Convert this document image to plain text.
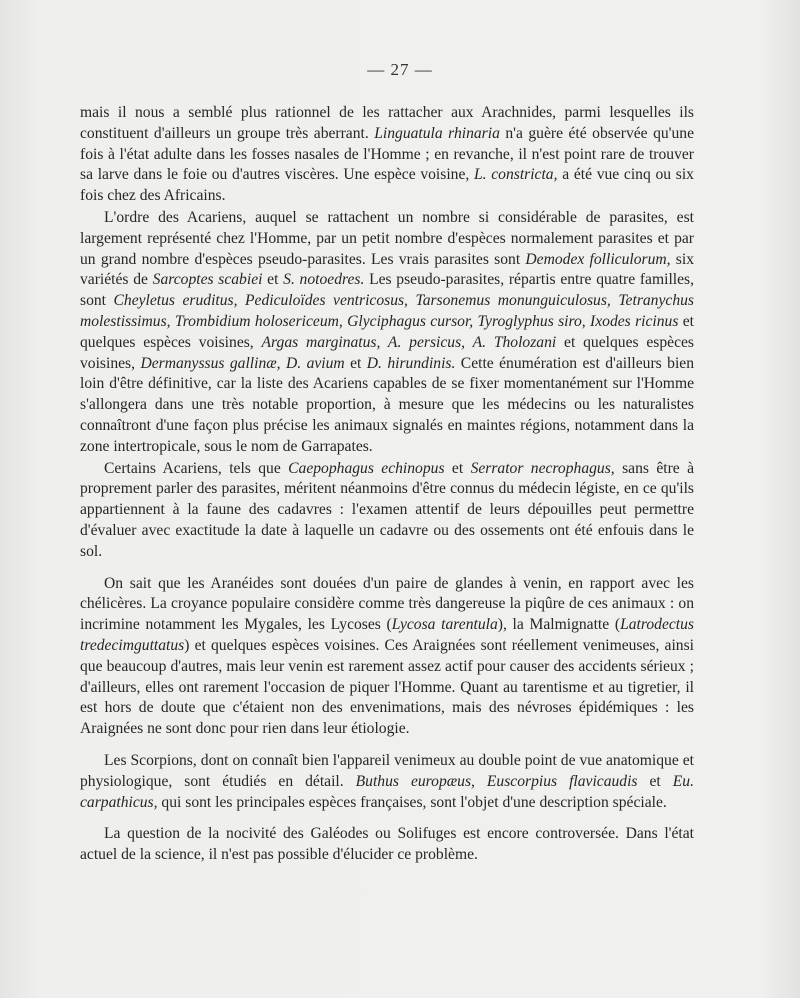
— 27 —

mais il nous a semblé plus rationnel de les rattacher aux Arachnides, parmi lesquelles ils constituent d'ailleurs un groupe très aberrant. Linguatula rhinaria n'a guère été observée qu'une fois à l'état adulte dans les fosses nasales de l'Homme ; en revanche, il n'est point rare de trouver sa larve dans le foie ou d'autres viscères. Une espèce voisine, L. constricta, a été vue cinq ou six fois chez des Africains.

L'ordre des Acariens, auquel se rattachent un nombre si considérable de parasites, est largement représenté chez l'Homme, par un petit nombre d'espèces normalement parasites et par un grand nombre d'espèces pseudo-parasites. Les vrais parasites sont Demodex folliculorum, six variétés de Sarcoptes scabiei et S. notoedres. Les pseudo-parasites, répartis entre quatre familles, sont Cheyletus eruditus, Pediculoïdes ventricosus, Tarsonemus monunguiculosus, Tetranychus molestissimus, Trombidium holosericeum, Glyciphagus cursor, Tyroglyphus siro, Ixodes ricinus et quelques espèces voisines, Argas marginatus, A. persicus, A. Tholozani et quelques espèces voisines, Dermanyssus gallinæ, D. avium et D. hirundinis. Cette énumération est d'ailleurs bien loin d'être définitive, car la liste des Acariens capables de se fixer momentanément sur l'Homme s'allongera dans une très notable proportion, à mesure que les médecins ou les naturalistes connaîtront d'une façon plus précise les animaux signalés en maintes régions, notamment dans la zone intertropicale, sous le nom de Garrapates.

Certains Acariens, tels que Caepophagus echinopus et Serrator necrophagus, sans être à proprement parler des parasites, méritent néanmoins d'être connus du médecin légiste, en ce qu'ils appartiennent à la faune des cadavres : l'examen attentif de leurs dépouilles peut permettre d'évaluer avec exactitude la date à laquelle un cadavre ou des ossements ont été enfouis dans le sol.

On sait que les Aranéides sont douées d'un paire de glandes à venin, en rapport avec les chélicères. La croyance populaire considère comme très dangereuse la piqûre de ces animaux : on incrimine notamment les Mygales, les Lycoses (Lycosa tarentula), la Malmignatte (Latrodectus tredecimguttatus) et quelques espèces voisines. Ces Araignées sont réellement venimeuses, ainsi que beaucoup d'autres, mais leur venin est rarement assez actif pour causer des accidents sérieux ; d'ailleurs, elles ont rarement l'occasion de piquer l'Homme. Quant au tarentisme et au tigretier, il est hors de doute que c'étaient non des envenimations, mais des névroses épidémiques : les Araignées ne sont donc pour rien dans leur étiologie.

Les Scorpions, dont on connaît bien l'appareil venimeux au double point de vue anatomique et physiologique, sont étudiés en détail. Buthus europæus, Euscorpius flavicaudis et Eu. carpathicus, qui sont les principales espèces françaises, sont l'objet d'une description spéciale.

La question de la nocivité des Galéodes ou Solifuges est encore controversée. Dans l'état actuel de la science, il n'est pas possible d'élucider ce problème.
